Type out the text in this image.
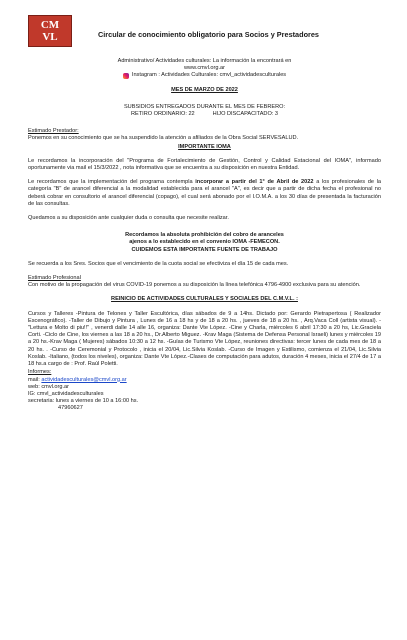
CM
VL	Circular de conocimiento obligatorio para Socios y Prestadores
Administrativo/ Actividades culturales: La información la encontrará en
www.cmvl.org.ar
Instagram : Actividades Culturales: cmvl_actividadesculturales
MES DE MARZO DE 2022
SUBSIDIOS ENTREGADOS DURANTE EL MES DE FEBRERO:
RETIRO ORDINARIO: 22	HIJO DISCAPACITADO: 3
Estimado Prestador:
Ponemos en su conocimiento que se ha suspendido la atención a afiliados de la Obra Social SERVESALUD.
IMPORTANTE IOMA
Le recordamos la incorporación del "Programa de Fortalecimiento de Gestión, Control y Calidad Estacional del IOMA", informado oportunamente via mail el 15/3/2022 , nota informativa que se encuentra a su disposición en nuestra Entidad.
Le recordamos que la implementación del programa contempla incorporar a partir del 1° de Abril de 2022 a los profesionales de la categoría "B" de arancel diferencial a la modalidad establecida para el arancel "A", es decir que a partir de dicha fecha el profesional no deberá cobrar en consultorio el arancel diferencial (copago), el cual será abonado por el I.O.M.A. a los 30 días de presentada la facturación de las consultas.
Quedamos a su disposición ante cualquier duda o consulta que necesite realizar.
Recordamos la absoluta prohibición del cobro de aranceles
ajenos a lo establecido en el convenio IOMA -FEMECON.
CUIDEMOS ESTA IMPORTANTE FUENTE DE TRABAJO
Se recuerda a los Sres. Socios que el vencimiento de la cuota social se efectiviza el día 15 de cada mes.
Estimado Profesional
Con motivo de la propagación del virus COVID-19 ponemos a su disposición la línea telefónica 4796-4900 exclusiva para su atención.
REINICIO DE ACTIVIDADES CULTURALES Y SOCIALES DEL C.M.V.L. :
Cursos y Talleres -Pintura de Telones y Taller Escultórica, días sábados de 9 a 14hs. Dictado por: Gerardo Pietrapertosa ( Realizador Escenográfico). -Taller de Dibujo y Pintura , Lunes de 16 a 18 hs y de 18 a 20 hs. , jueves de 18 a 20 hs. , Arq.Vaca Coll (artista visual). -"Lettura e Molto di piu!!" , venerdi dalle 14 alle 16, organiza: Dante Vte López. -Cine y Charla, miércoles 6 abril 17:30 a 20 hs, Lic.Graciela Corti. -Ciclo de Cine, los viernes a las 18 a 20 hs., Dr.Alberto Miguez. -Krav Maga (Sistema de Defensa Personal Israeli) lunes y miércoles 19 a 20 hs.-Krav Maga ( Mujeres) sábados 10:30 a 12 hs. -Guías de Turismo Vte López, reuniones directivas: tercer lunes de cada mes de 18 a 20 hs. . -Curso de Ceremonial y Protocolo , inicia el 20/04, Lic.Silvia Koslab. -Curso de Imagen y Estilismo, comienza el 21/04, Lic.Silvia Koslab. -Italiano, (todos los niveles), organiza: Dante Vte López.-Clases de computación para adutos, duración 4 meses, inicia el 27/4 de 17 a 18 hs.a cargo de : Prof. Raúl Poletti.
Informes:
mail: actividadesculturales@cmvl.org.ar
web: cmvl.org.ar
IG: cmvl_actividadesculturales
secretaria: lunes a viernes de 10 a 16:00 hs.
47960627
